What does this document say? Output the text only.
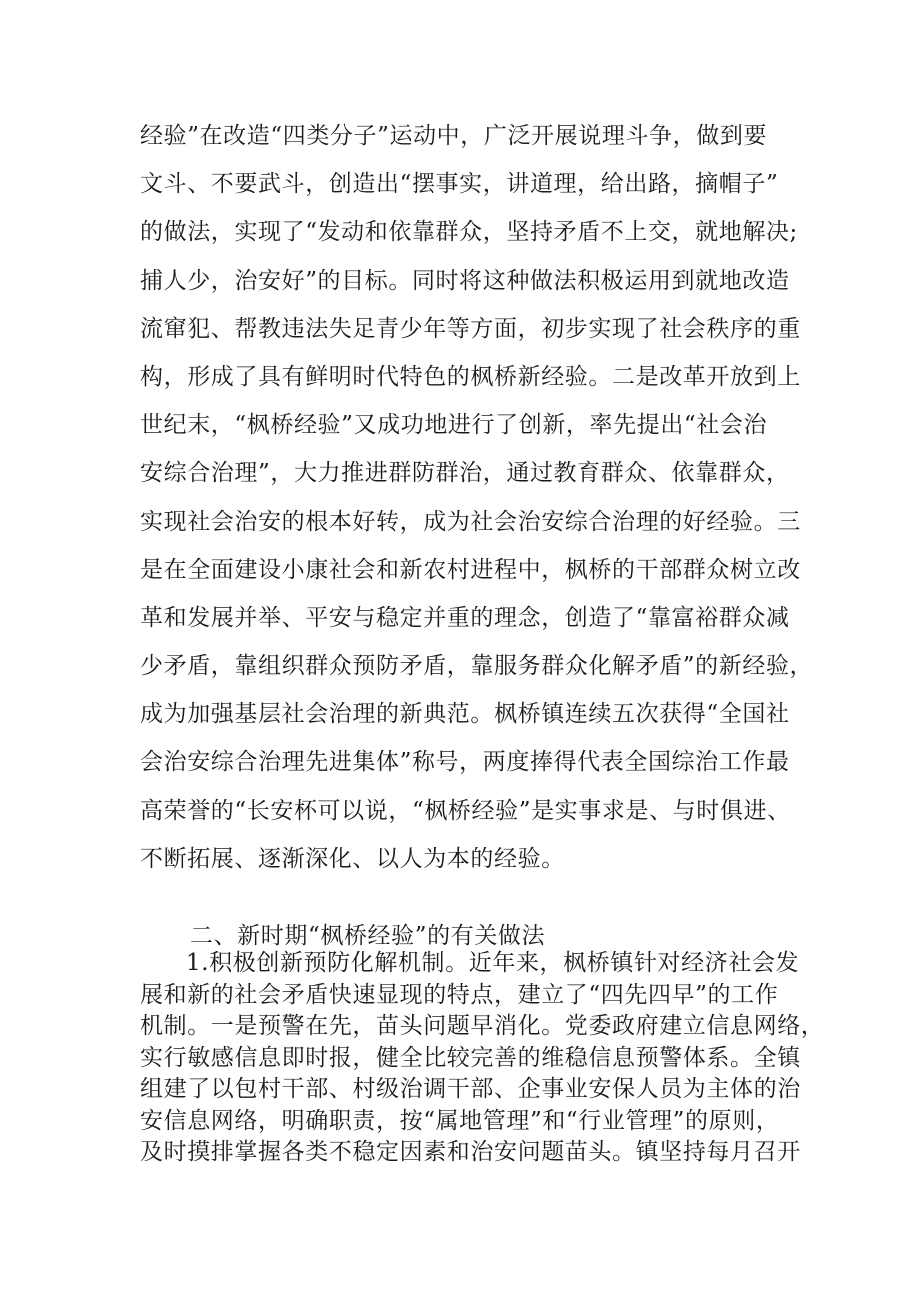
经验”在改造“四类分子”运动中，广泛开展说理斗争，做到要
文斗、不要武斗，创造出“摆事实，讲道理，给出路，摘帽子”
的做法，实现了“发动和依靠群众，坚持矛盾不上交，就地解决;
捕人少，治安好”的目标。同时将这种做法积极运用到就地改造
流窜犯、帮教违法失足青少年等方面，初步实现了社会秩序的重
构，形成了具有鲜明时代特色的枫桥新经验。二是改革开放到上
世纪末，“枫桥经验”又成功地进行了创新，率先提出“社会治
安综合治理”，大力推进群防群治，通过教育群众、依靠群众，
实现社会治安的根本好转，成为社会治安综合治理的好经验。三
是在全面建设小康社会和新农村进程中，枫桥的干部群众树立改
革和发展并举、平安与稳定并重的理念，创造了“靠富裕群众减
少矛盾，靠组织群众预防矛盾，靠服务群众化解矛盾”的新经验，
成为加强基层社会治理的新典范。枫桥镇连续五次获得“全国社
会治安综合治理先进集体”称号，两度捧得代表全国综治工作最
高荣誉的“长安杯可以说，“枫桥经验”是实事求是、与时俱进、
不断拓展、逐渐深化、以人为本的经验。
二、新时期“枫桥经验”的有关做法
1.积极创新预防化解机制。近年来，枫桥镇针对经济社会发
展和新的社会矛盾快速显现的特点，建立了“四先四早”的工作
机制。一是预警在先，苗头问题早消化。党委政府建立信息网络，
实行敏感信息即时报，健全比较完善的维稳信息预警体系。全镇
组建了以包村干部、村级治调干部、企事业安保人员为主体的治
安信息网络，明确职责，按“属地管理”和“行业管理”的原则，
及时摸排掌握各类不稳定因素和治安问题苗头。镇坚持每月召开
